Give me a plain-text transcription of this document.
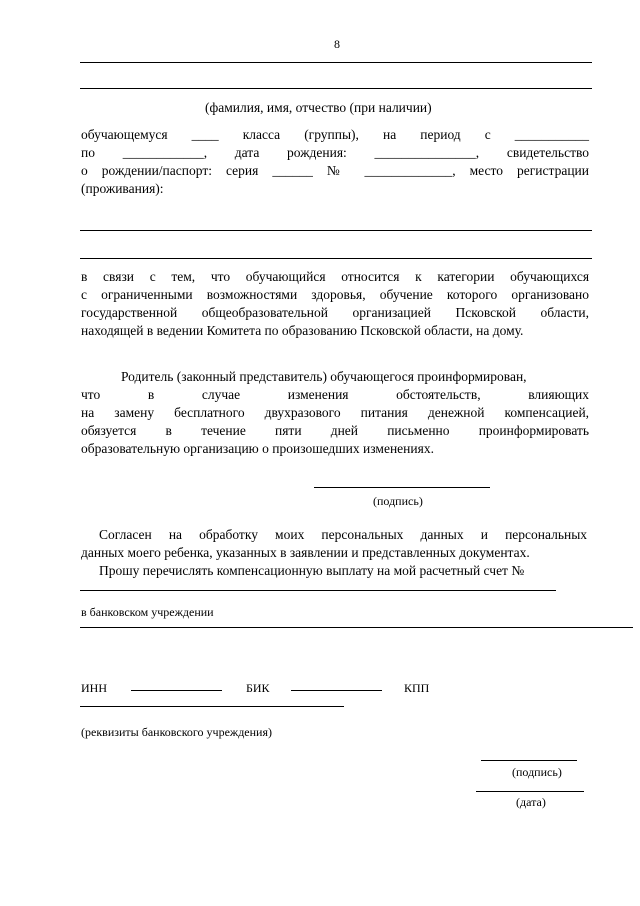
8
(фамилия, имя, отчество (при наличии)
обучающемуся ____ класса (группы), на период с ___________
по ____________, дата рождения: _______________, свидетельство
о рождении/паспорт: серия ______ № _____________, место регистрации
(проживания):
в связи с тем, что обучающийся относится к категории обучающихся
с ограниченными возможностями здоровья, обучение которого организовано
государственной общеобразовательной организацией Псковской области,
находящей в ведении Комитета по образованию Псковской области, на дому.
Родитель (законный представитель) обучающегося проинформирован,
что	в	случае	изменения	обстоятельств,	влияющих
на замену бесплатного двухразового питания денежной компенсацией,
обязуется в течение пяти дней письменно проинформировать
образовательную организацию о произошедших изменениях.
(подпись)
Согласен на обработку моих персональных данных и персональных
данных моего ребенка, указанных в заявлении и представленных документах.
Прошу перечислять компенсационную выплату на мой расчетный счет №
в банковском учреждении
ИНН	БИК	КПП
(реквизиты банковского учреждения)
(подпись)
(дата)
